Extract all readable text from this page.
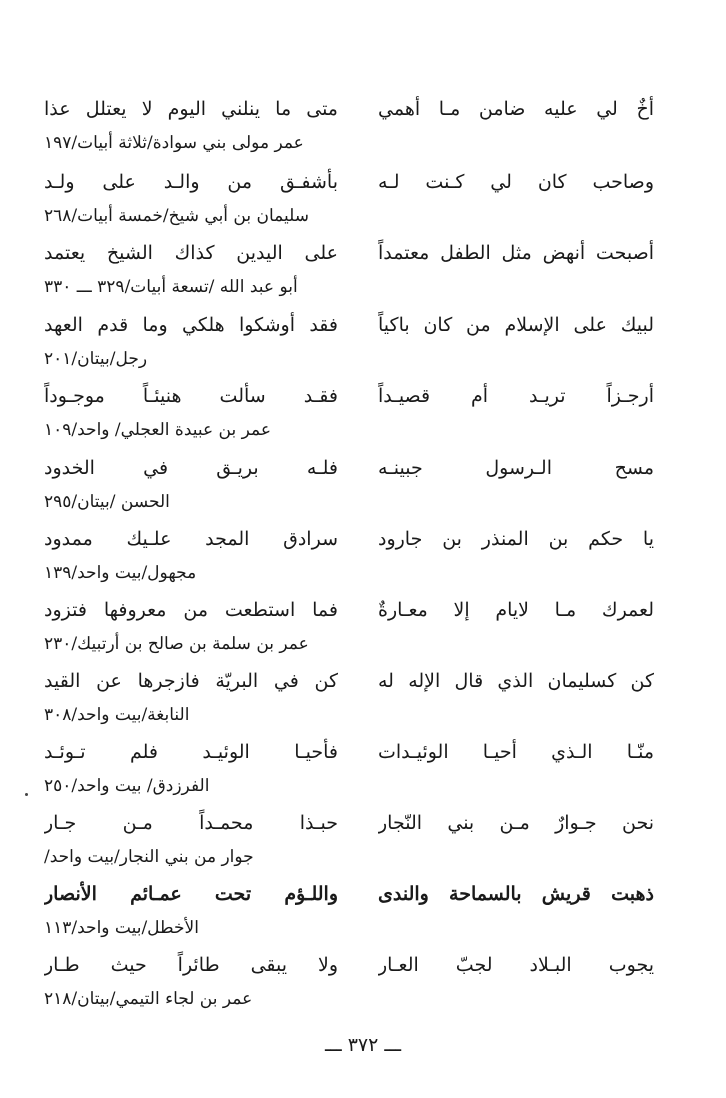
أخٌ لي عليه ضامن مـا أهمي
متى ما ينلني اليوم لا يعتلل عذا
عمر مولى بني سوادة/ثلاثة أبيات/١٩٧
وصاحب كان لي كـنت لـه
بأشفـق من والـد على ولـد
سليمان بن أبي شيخ/خمسة أبيات/٢٦٨
أصبحت أنهض مثل الطفل معتمداً
على اليدين كذاك الشيخ يعتمد
أبو عبد الله /تسعة أبيات/٣٢٩ ـــ ٣٣٠
لبيك على الإسلام من كان باكياً
فقد أوشكوا هلكي وما قدم العهد
رجل/بيتان/٢٠١
أرجـزاً تريـد أم قصيـداً
فقـد سألت هنيئـاً موجـوداً
عمر بن عبيدة العجلي/ واحد/١٠٩
مسح الـرسول جبينـه
فلـه بريـق في الخدود
الحسن /بيتان/٢٩٥
يا حكم بن المنذر بن جارود
سرادق المجد علـيك ممدود
مجهول/بيت واحد/١٣٩
لعمرك مـا لايام إلا معـارةٌ
فما استطعت من معروفها فتزود
عمر بن سلمة بن صالح بن أرتبيك/٢٣٠
كن كسليمان الذي قال الإله له
كن في البريّة فازجرها عن القيد
النابغة/بيت واحد/٣٠٨
منّـا الـذي أحيـا الوئيـدات
فأحيـا الوئيـد فلم تـوئـد
الفرزدق/ بيت واحد/٢٥٠
نحن جـوارٌ مـن بني النّجار
حبـذا محمـداً مـن جـار
جوار من بني النجار/بيت واحد/
ذهبت قريش بالسماحة والندى
واللـؤم تحت عمـائم الأنصار
الأخطل/بيت واحد/١١٣
يجوب البـلاد لجبّ العـار
ولا يبقى طائراً حيث طـار
عمر بن لجاء التيمي/بيتان/٢١٨
ـــ ٣٧٢ ـــ
